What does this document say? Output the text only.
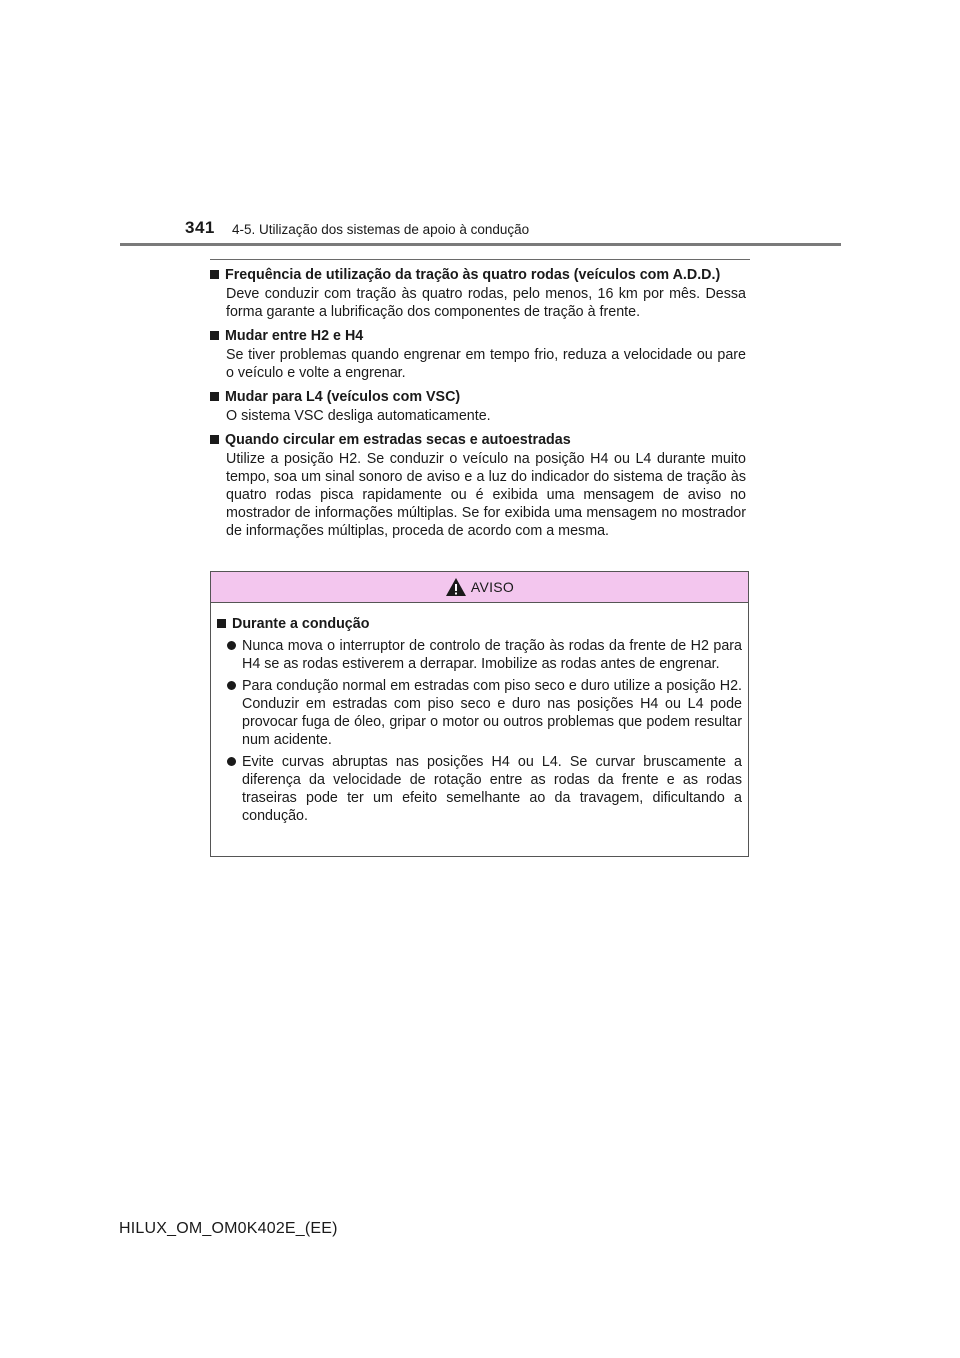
341 4-5. Utilização dos sistemas de apoio à condução
Frequência de utilização da tração às quatro rodas (veículos com A.D.D.)
Deve conduzir com tração às quatro rodas, pelo menos, 16 km por mês. Dessa forma garante a lubrificação dos componentes de tração à frente.
Mudar entre H2 e H4
Se tiver problemas quando engrenar em tempo frio, reduza a velocidade ou pare o veículo e volte a engrenar.
Mudar para L4 (veículos com VSC)
O sistema VSC desliga automaticamente.
Quando circular em estradas secas e autoestradas
Utilize a posição H2. Se conduzir o veículo na posição H4 ou L4 durante muito tempo, soa um sinal sonoro de aviso e a luz do indicador do sistema de tração às quatro rodas pisca rapidamente ou é exibida uma mensagem de aviso no mostrador de informações múltiplas. Se for exibida uma mensagem no mostrador de informações múltiplas, proceda de acordo com a mesma.
AVISO
Durante a condução
Nunca mova o interruptor de controlo de tração às rodas da frente de H2 para H4 se as rodas estiverem a derrapar. Imobilize as rodas antes de engrenar.
Para condução normal em estradas com piso seco e duro utilize a posição H2. Conduzir em estradas com piso seco e duro nas posições H4 ou L4 pode provocar fuga de óleo, gripar o motor ou outros problemas que podem resultar num acidente.
Evite curvas abruptas nas posições H4 ou L4. Se curvar bruscamente a diferença da velocidade de rotação entre as rodas da frente e as rodas traseiras pode ter um efeito semelhante ao da travagem, dificultando a condução.
HILUX_OM_OM0K402E_(EE)
